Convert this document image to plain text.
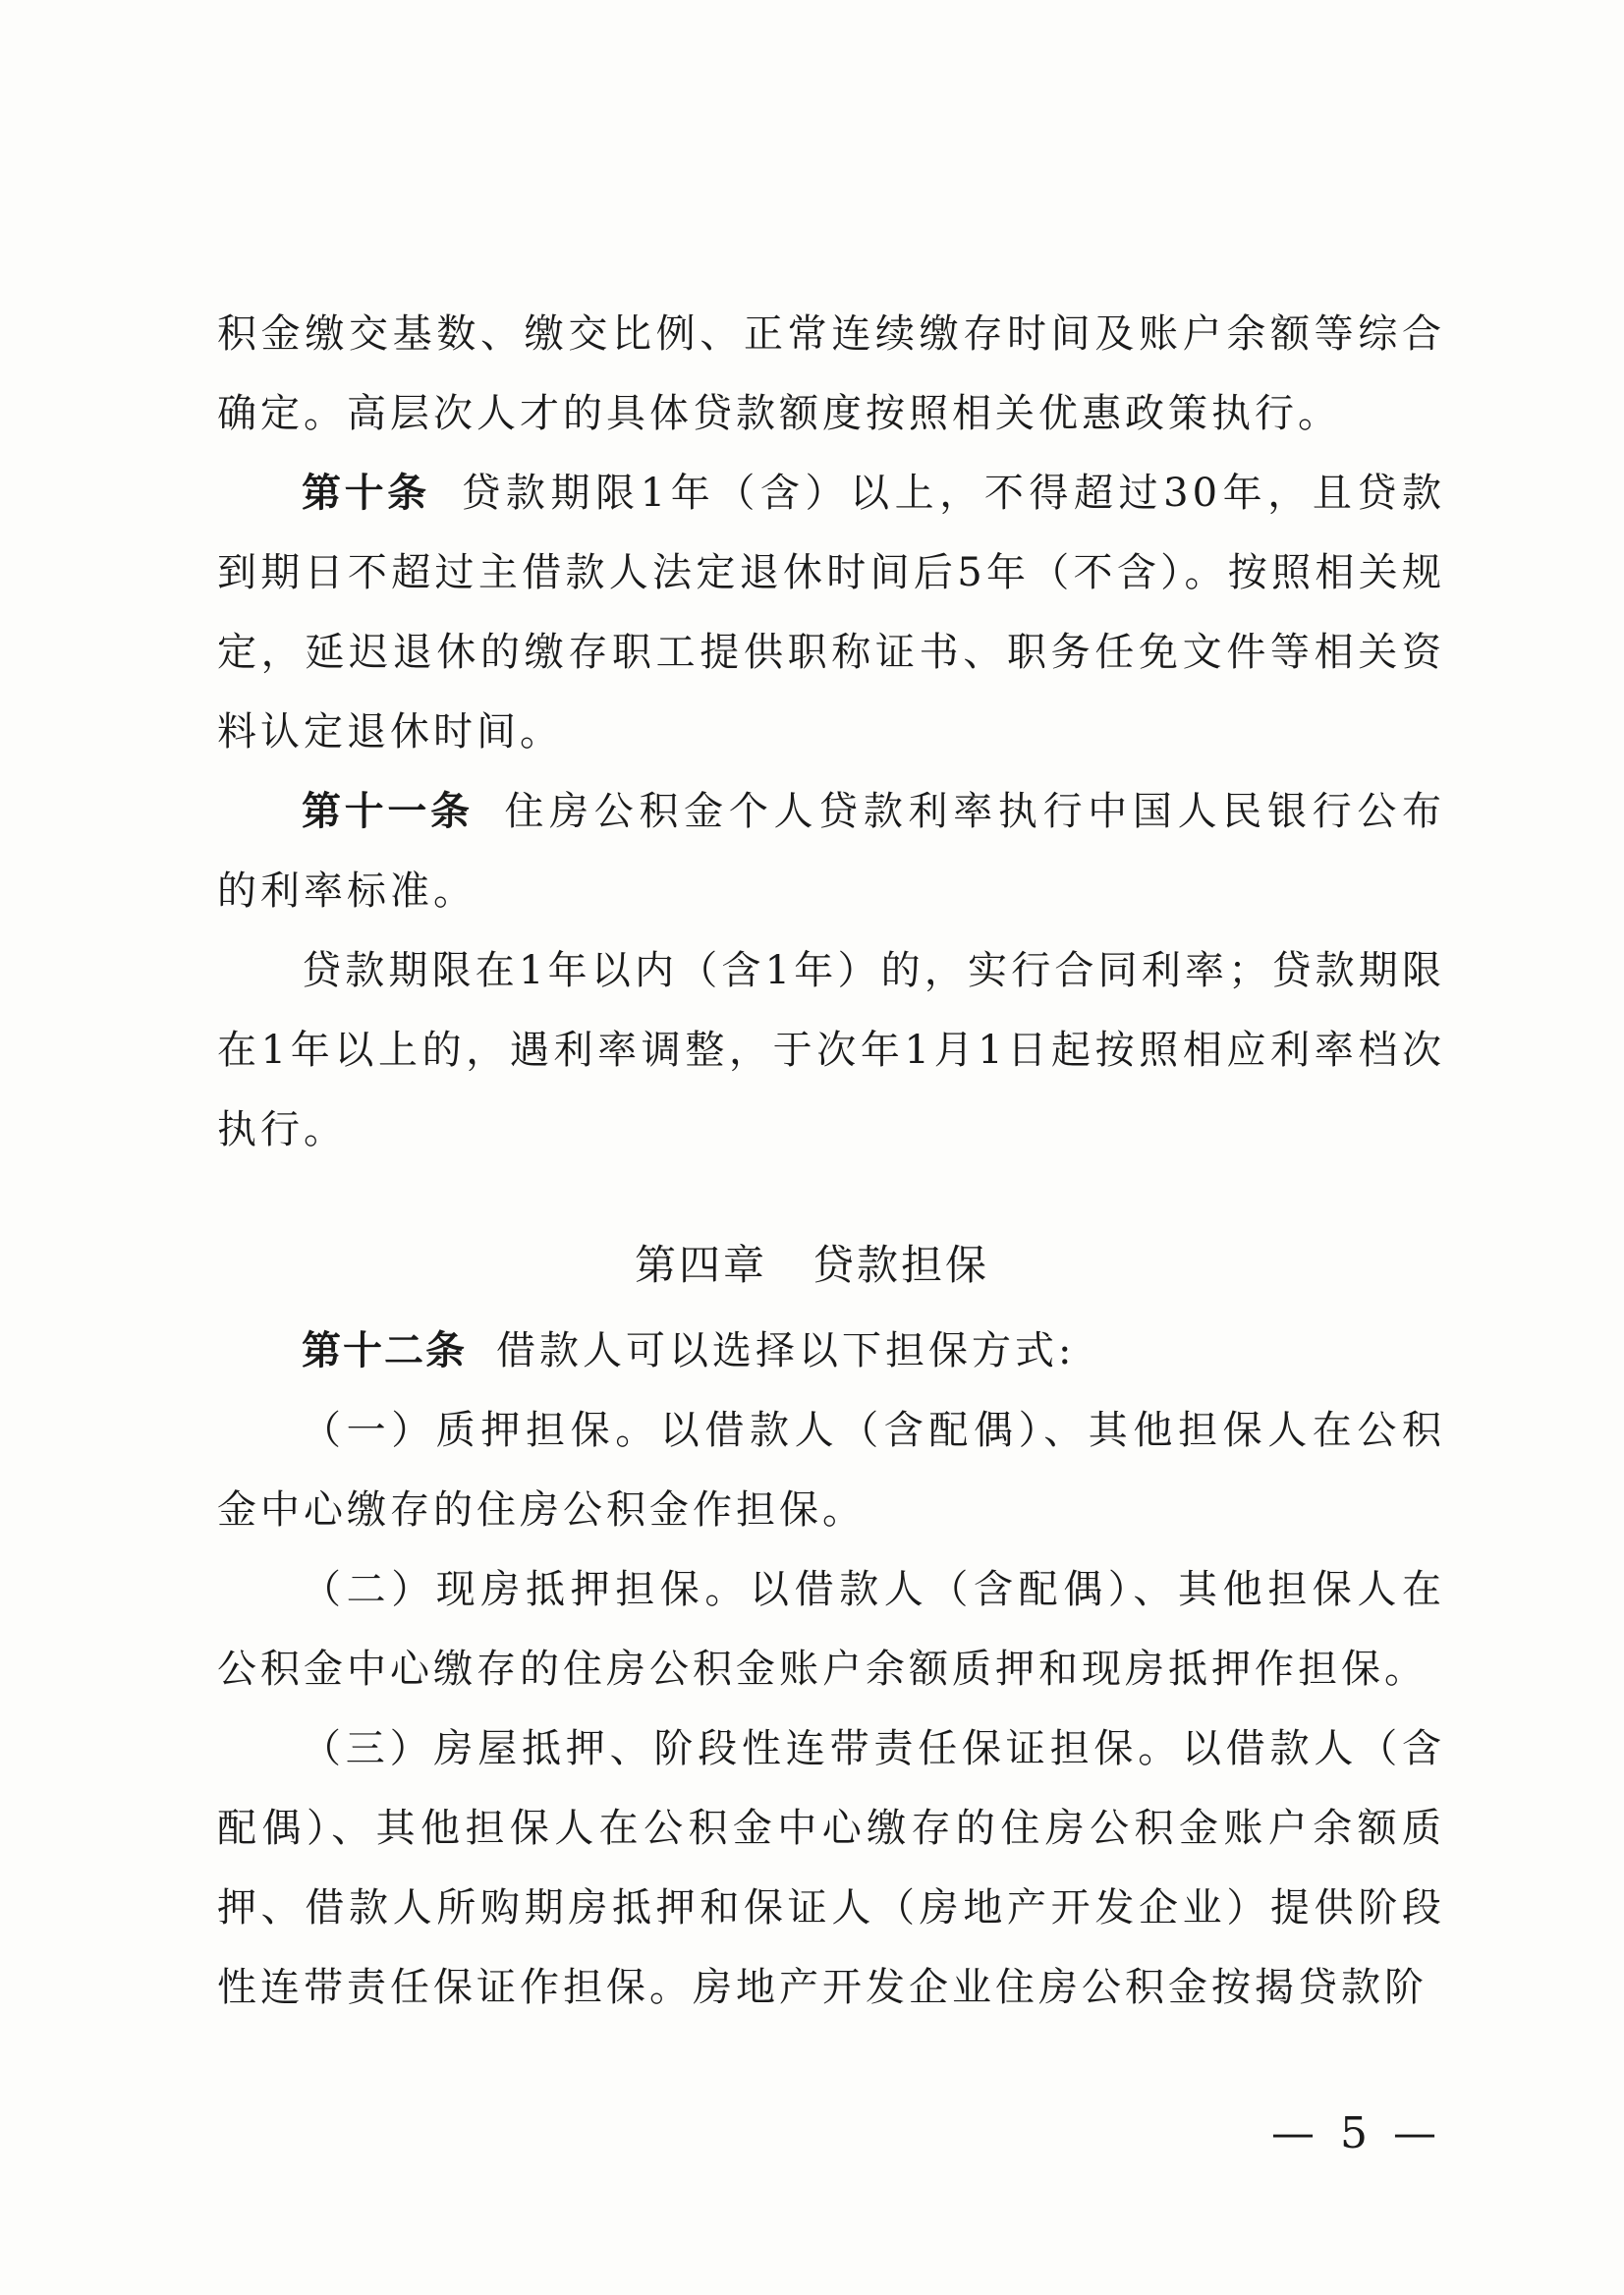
积金缴交基数、缴交比例、正常连续缴存时间及账户余额等综合确定。高层次人才的具体贷款额度按照相关优惠政策执行。

第十条 贷款期限1年（含）以上，不得超过30年，且贷款到期日不超过主借款人法定退休时间后5年（不含）。按照相关规定，延迟退休的缴存职工提供职称证书、职务任免文件等相关资料认定退休时间。

第十一条 住房公积金个人贷款利率执行中国人民银行公布的利率标准。

贷款期限在1年以内（含1年）的，实行合同利率；贷款期限在1年以上的，遇利率调整，于次年1月1日起按照相应利率档次执行。

第四章 贷款担保

第十二条 借款人可以选择以下担保方式:

（一）质押担保。以借款人（含配偶）、其他担保人在公积金中心缴存的住房公积金作担保。

（二）现房抵押担保。以借款人（含配偶）、其他担保人在公积金中心缴存的住房公积金账户余额质押和现房抵押作担保。

（三）房屋抵押、阶段性连带责任保证担保。以借款人（含配偶）、其他担保人在公积金中心缴存的住房公积金账户余额质押、借款人所购期房抵押和保证人（房地产开发企业）提供阶段性连带责任保证作担保。房地产开发企业住房公积金按揭贷款阶

— 5 —
